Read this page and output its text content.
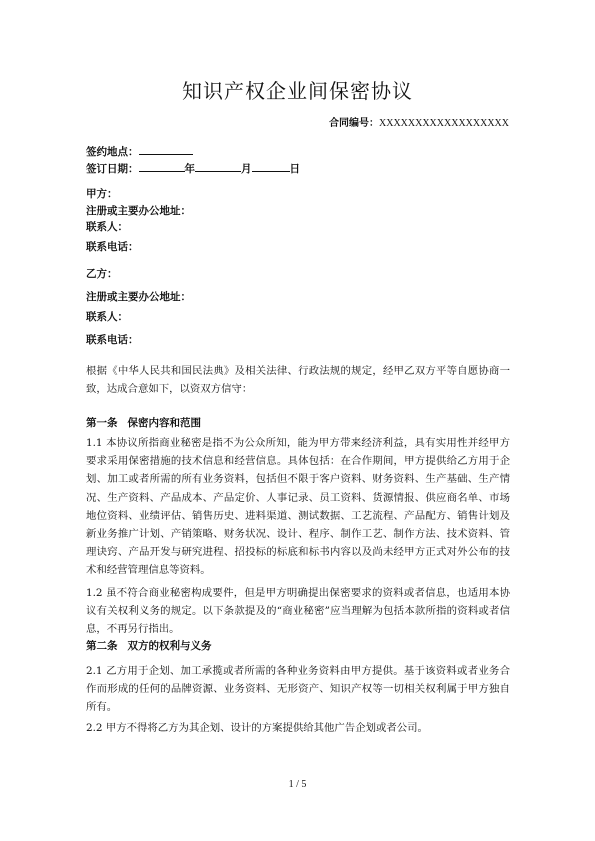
知识产权企业间保密协议
合同编号：XXXXXXXXXXXXXXXXXX
签约地点：
签订日期：	年	月	日
甲方：
注册或主要办公地址：
联系人：
联系电话：
乙方：
注册或主要办公地址：
联系人：
联系电话：
根据《中华人民共和国民法典》及相关法律、行政法规的规定，经甲乙双方平等自愿协商一致，达成合意如下，以资双方信守：
第一条 保密内容和范围
1.1 本协议所指商业秘密是指不为公众所知，能为甲方带来经济利益，具有实用性并经甲方要求采用保密措施的技术信息和经营信息。具体包括：在合作期间，甲方提供给乙方用于企划、加工或者所需的所有业务资料，包括但不限于客户资料、财务资料、生产基础、生产情况、生产资料、产品成本、产品定价、人事记录、员工资料、货源情报、供应商名单、市场地位资料、业绩评估、销售历史、进料渠道、测试数据、工艺流程、产品配方、销售计划及新业务推广计划、产销策略、财务状况、设计、程序、制作工艺、制作方法、技术资料、管理诀窍、产品开发与研究进程、招投标的标底和标书内容以及尚未经甲方正式对外公布的技术和经营管理信息等资料。
1.2 虽不符合商业秘密构成要件，但是甲方明确提出保密要求的资料或者信息，也适用本协议有关权利义务的规定。以下条款提及的“商业秘密”应当理解为包括本款所指的资料或者信息，不再另行指出。
第二条 双方的权利与义务
2.1 乙方用于企划、加工承揽或者所需的各种业务资料由甲方提供。基于该资料或者业务合作而形成的任何的品牌资源、业务资料、无形资产、知识产权等一切相关权利属于甲方独自所有。
2.2 甲方不得将乙方为其企划、设计的方案提供给其他广告企划或者公司。
1 / 5
